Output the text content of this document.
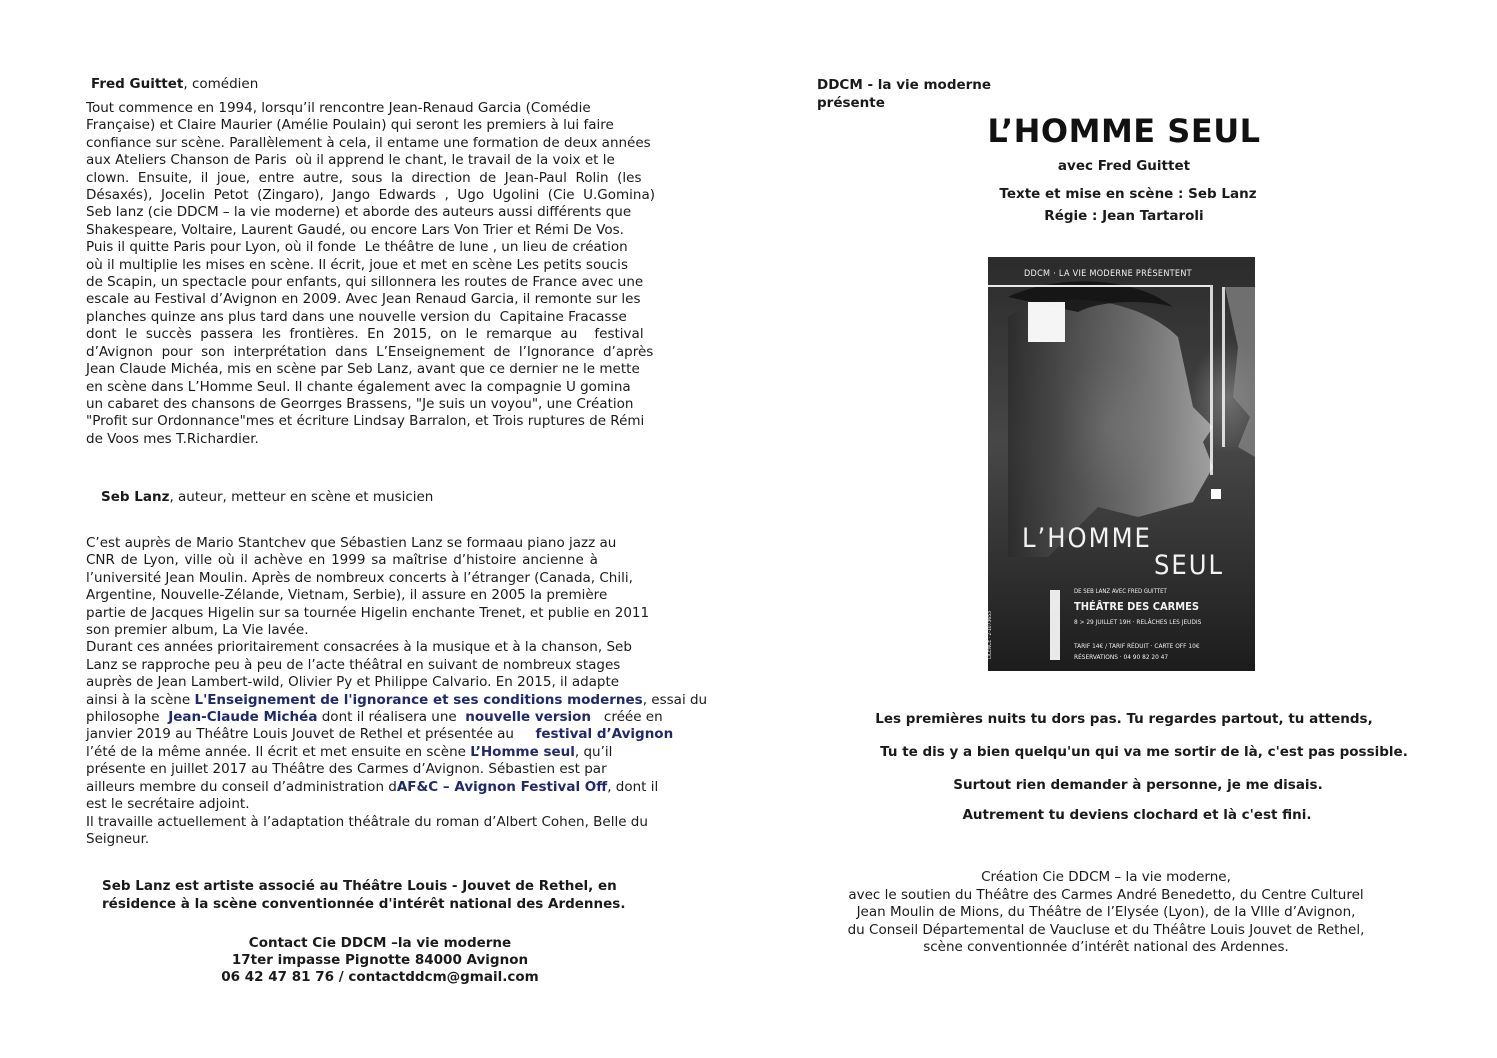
Fred Guittet, comédien
Tout commence en 1994, lorsqu’il rencontre Jean-Renaud Garcia (Comédie
Française) et Claire Maurier (Amélie Poulain) qui seront les premiers à lui faire
confiance sur scène. Parallèlement à cela, il entame une formation de deux années
aux Ateliers Chanson de Paris  où il apprend le chant, le travail de la voix et le
clown.  Ensuite,  il  joue,  entre  autre,  sous  la  direction  de  Jean-Paul  Rolin  (les
Désaxés),  Jocelin  Petot  (Zingaro),  Jango  Edwards  ,  Ugo  Ugolini  (Cie  U.Gomina)
Seb lanz (cie DDCM – la vie moderne) et aborde des auteurs aussi différents que
Shakespeare, Voltaire, Laurent Gaudé, ou encore Lars Von Trier et Rémi De Vos.
Puis il quitte Paris pour Lyon, où il fonde  Le théâtre de lune , un lieu de création
où il multiplie les mises en scène. Il écrit, joue et met en scène Les petits soucis
de Scapin, un spectacle pour enfants, qui sillonnera les routes de France avec une
escale au Festival d’Avignon en 2009. Avec Jean Renaud Garcia, il remonte sur les
planches quinze ans plus tard dans une nouvelle version du  Capitaine Fracasse
dont  le  succès  passera  les  frontières.  En  2015,  on  le  remarque  au    festival
d’Avignon  pour  son  interprétation  dans  L’Enseignement  de  l’Ignorance  d’après
Jean Claude Michéa, mis en scène par Seb Lanz, avant que ce dernier ne le mette
en scène dans L’Homme Seul. Il chante également avec la compagnie U gomina
un cabaret des chansons de Georrges Brassens, "Je suis un voyou", une Création
"Profit sur Ordonnance"mes et écriture Lindsay Barralon, et Trois ruptures de Rémi
de Voos mes T.Richardier.
Seb Lanz, auteur, metteur en scène et musicien
C’est auprès de Mario Stantchev que Sébastien Lanz se formaau piano jazz au
CNR de Lyon, ville où il achève en 1999 sa maîtrise d’histoire ancienne à
l’université Jean Moulin. Après de nombreux concerts à l’étranger (Canada, Chili,
Argentine, Nouvelle-Zélande, Vietnam, Serbie), il assure en 2005 la première
partie de Jacques Higelin sur sa tournée Higelin enchante Trenet, et publie en 2011
son premier album, La Vie lavée.
Durant ces années prioritairement consacrées à la musique et à la chanson, Seb
Lanz se rapproche peu à peu de l’acte théâtral en suivant de nombreux stages
auprès de Jean Lambert-wild, Olivier Py et Philippe Calvario. En 2015, il adapte
ainsi à la scène L'Enseignement de l'ignorance et ses conditions modernes, essai du
philosophe Jean-Claude Michéa dont il réalisera une nouvelle version créée en
janvier 2019 au Théâtre Louis Jouvet de Rethel et présentée au festival d’Avignon
l’été de la même année. Il écrit et met ensuite en scène L’Homme seul, qu’il
présente en juillet 2017 au Théâtre des Carmes d’Avignon. Sébastien est par
ailleurs membre du conseil d’administration dAF&C – Avignon Festival Off, dont il
est le secrétaire adjoint.
Il travaille actuellement à l’adaptation théâtrale du roman d’Albert Cohen, Belle du
Seigneur.
Seb Lanz est artiste associé au Théâtre Louis - Jouvet de Rethel, en
résidence à la scène conventionnée d'intérêt national des Ardennes.
Contact Cie DDCM –la vie moderne
17ter impasse Pignotte 84000 Avignon
06 42 47 81 76 / contactddcm@gmail.com
DDCM - la vie moderne
présente
L’HOMME SEUL
avec Fred Guittet
Texte et mise en scène : Seb Lanz
Régie : Jean Tartaroli
DDCM · LA VIE MODERNE PRÉSENTENT
L’HOMME
SEUL
DE SEB LANZ AVEC FRED GUITTET
THÉÂTRE DES CARMES
8 > 29 JUILLET 19H · RELÂCHES LES JEUDIS
TARIF 14€ / TARIF RÉDUIT · CARTE OFF 10€
RÉSERVATIONS · 04 90 82 20 47
LICENCE · 2-1073653
Les premières nuits tu dors pas. Tu regardes partout, tu attends,
Tu te dis y a bien quelqu'un qui va me sortir de là, c'est pas possible.
Surtout rien demander à personne, je me disais.
Autrement tu deviens clochard et là c'est fini.
Création Cie DDCM – la vie moderne,
avec le soutien du Théâtre des Carmes André Benedetto, du Centre Culturel
Jean Moulin de Mions, du Théâtre de l’Elysée (Lyon), de la VIlle d’Avignon,
du Conseil Départemental de Vaucluse et du Théâtre Louis Jouvet de Rethel,
scène conventionnée d’intérêt national des Ardennes.
